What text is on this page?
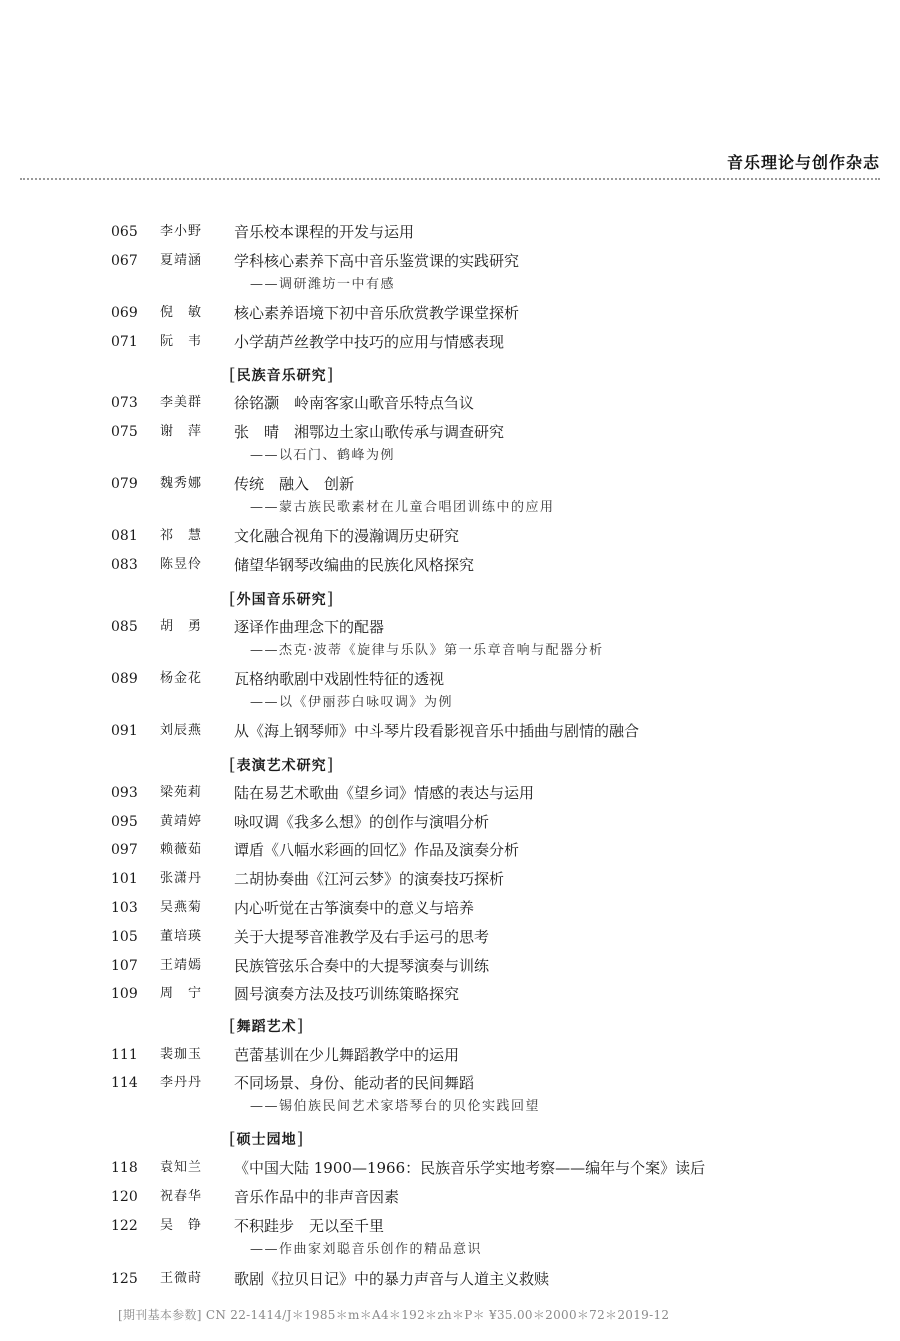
音乐理论与创作杂志
065	李小野	音乐校本课程的开发与运用
067	夏靖涵	学科核心素养下高中音乐鉴赏课的实践研究
——调研潍坊一中有感
069	倪　敏	核心素养语境下初中音乐欣赏教学课堂探析
071	阮　韦	小学葫芦丝教学中技巧的应用与情感表现
073	李美群	徐铭灏　岭南客家山歌音乐特点刍议
075	谢　萍	张　晴　湘鄂边土家山歌传承与调查研究
——以石门、鹤峰为例
079	魏秀娜	传统　融入　创新
——蒙古族民歌素材在儿童合唱团训练中的应用
081	祁　慧	文化融合视角下的漫瀚调历史研究
083	陈昱伶	储望华钢琴改编曲的民族化风格探究
085	胡　勇	逐译作曲理念下的配器
——杰克·波蒂《旋律与乐队》第一乐章音响与配器分析
089	杨金花	瓦格纳歌剧中戏剧性特征的透视
——以《伊丽莎白咏叹调》为例
091	刘辰燕	从《海上钢琴师》中斗琴片段看影视音乐中插曲与剧情的融合
093	梁苑莉	陆在易艺术歌曲《望乡词》情感的表达与运用
095	黄靖婷	咏叹调《我多么想》的创作与演唱分析
097	赖薇茹	谭盾《八幅水彩画的回忆》作品及演奏分析
101	张潇丹	二胡协奏曲《江河云梦》的演奏技巧探析
103	吴燕菊	内心听觉在古筝演奏中的意义与培养
105	董培瑛	关于大提琴音准教学及右手运弓的思考
107	王靖嫣	民族管弦乐合奏中的大提琴演奏与训练
109	周　宁	圆号演奏方法及技巧训练策略探究
111	裴珈玉	芭蕾基训在少儿舞蹈教学中的运用
114	李丹丹	不同场景、身份、能动者的民间舞蹈
——锡伯族民间艺术家塔琴台的贝伦实践回望
118	袁知兰	《中国大陆 1900—1966：民族音乐学实地考察——编年与个案》读后
120	祝春华	音乐作品中的非声音因素
122	吴　铮	不积跬步　无以至千里
——作曲家刘聪音乐创作的精品意识
125	王微莳	歌剧《拉贝日记》中的暴力声音与人道主义救赎
[民族音乐研究]
[外国音乐研究]
[表演艺术研究]
[舞蹈艺术]
[硕士园地]
[期刊基本参数] CN 22-1414/J＊1985＊m＊A4＊192＊zh＊P＊ ¥35.00＊2000＊72＊2019-12
